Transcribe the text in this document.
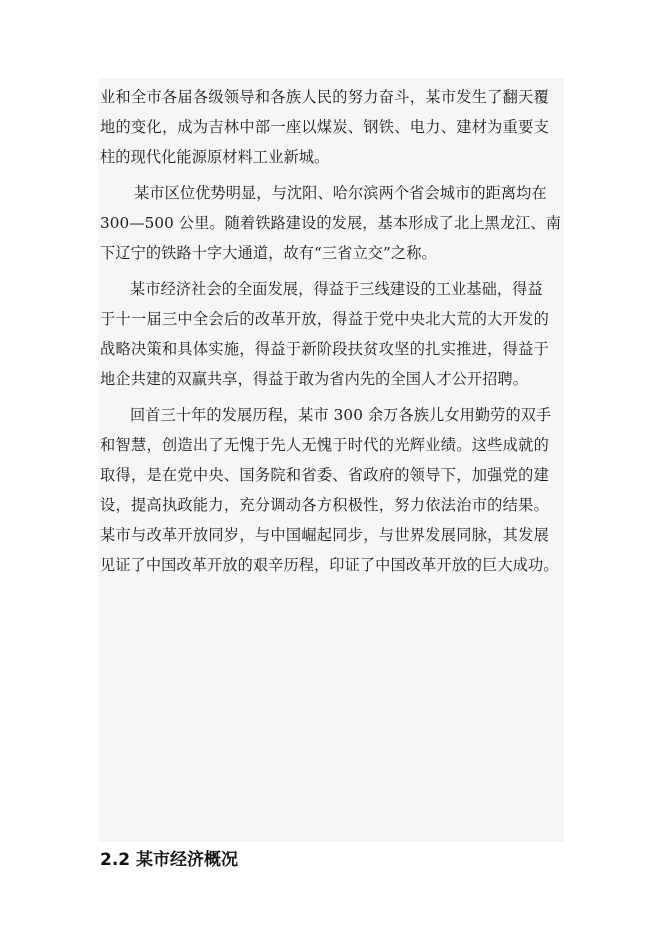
业和全市各届各级领导和各族人民的努力奋斗，某市发生了翻天覆
地的变化，成为吉林中部一座以煤炭、钢铁、电力、建材为重要支
柱的现代化能源原材料工业新城。
某市区位优势明显，与沈阳、哈尔滨两个省会城市的距离均在
300—500 公里。随着铁路建设的发展，基本形成了北上黑龙江、南
下辽宁的铁路十字大通道，故有“三省立交”之称。
某市经济社会的全面发展，得益于三线建设的工业基础，得益
于十一届三中全会后的改革开放，得益于党中央北大荒的大开发的
战略决策和具体实施，得益于新阶段扶贫攻坚的扎实推进，得益于
地企共建的双赢共享，得益于敢为省内先的全国人才公开招聘。
回首三十年的发展历程，某市 300 余万各族儿女用勤劳的双手
和智慧，创造出了无愧于先人无愧于时代的光辉业绩。这些成就的
取得，是在党中央、国务院和省委、省政府的领导下，加强党的建
设，提高执政能力，充分调动各方积极性，努力依法治市的结果。
某市与改革开放同岁，与中国崛起同步，与世界发展同脉，其发展
见证了中国改革开放的艰辛历程，印证了中国改革开放的巨大成功。
2.2 某市经济概况
